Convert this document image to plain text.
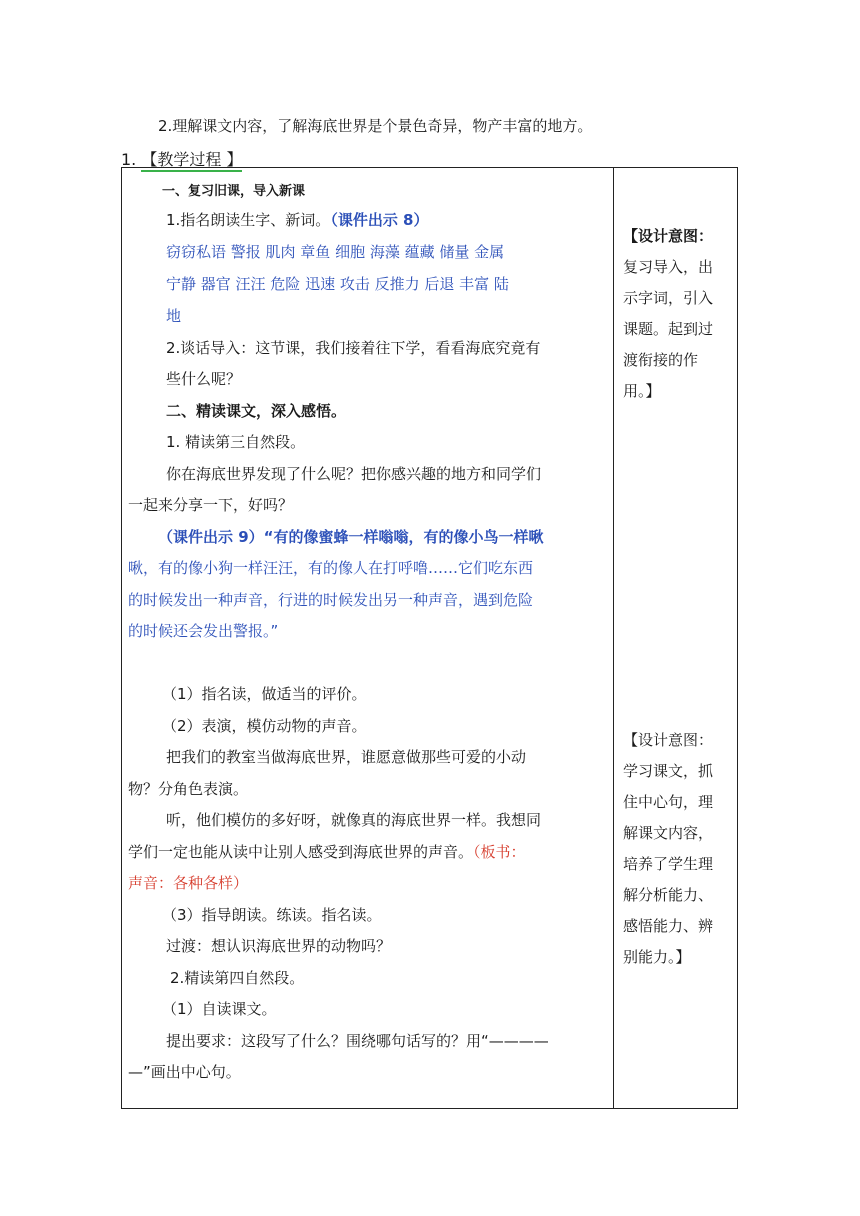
2.理解课文内容，了解海底世界是个景色奇异，物产丰富的地方。
1. 【教学过程 】
一、复习旧课，导入新课
1.指名朗读生字、新词。（课件出示 8）
窃窃私语 警报 肌肉 章鱼 细胞 海藻 蕴藏 储量 金属
宁静 器官 汪汪 危险 迅速 攻击 反推力 后退 丰富 陆
地
2.谈话导入：这节课，我们接着往下学，看看海底究竟有
些什么呢？
二、精读课文，深入感悟。
1. 精读第三自然段。
你在海底世界发现了什么呢？把你感兴趣的地方和同学们
一起来分享一下，好吗？
（课件出示 9）“有的像蜜蜂一样嗡嗡，有的像小鸟一样啾
啾，有的像小狗一样汪汪，有的像人在打呼噜……它们吃东西
的时候发出一种声音，行进的时候发出另一种声音，遇到危险
的时候还会发出警报。”
（1）指名读，做适当的评价。
（2）表演，模仿动物的声音。
把我们的教室当做海底世界，谁愿意做那些可爱的小动
物？分角色表演。
听，他们模仿的多好呀，就像真的海底世界一样。我想同
学们一定也能从读中让别人感受到海底世界的声音。（板书：
声音：各种各样）
（3）指导朗读。练读。指名读。
过渡：想认识海底世界的动物吗？
2.精读第四自然段。
（1）自读课文。
提出要求：这段写了什么？围绕哪句话写的？用“————
—”画出中心句。
【设计意图：
复习导入，出
示字词，引入
课题。起到过
渡衔接的作
用。】
【设计意图：
学习课文，抓
住中心句，理
解课文内容，
培养了学生理
解分析能力、
感悟能力、辨
别能力。】
